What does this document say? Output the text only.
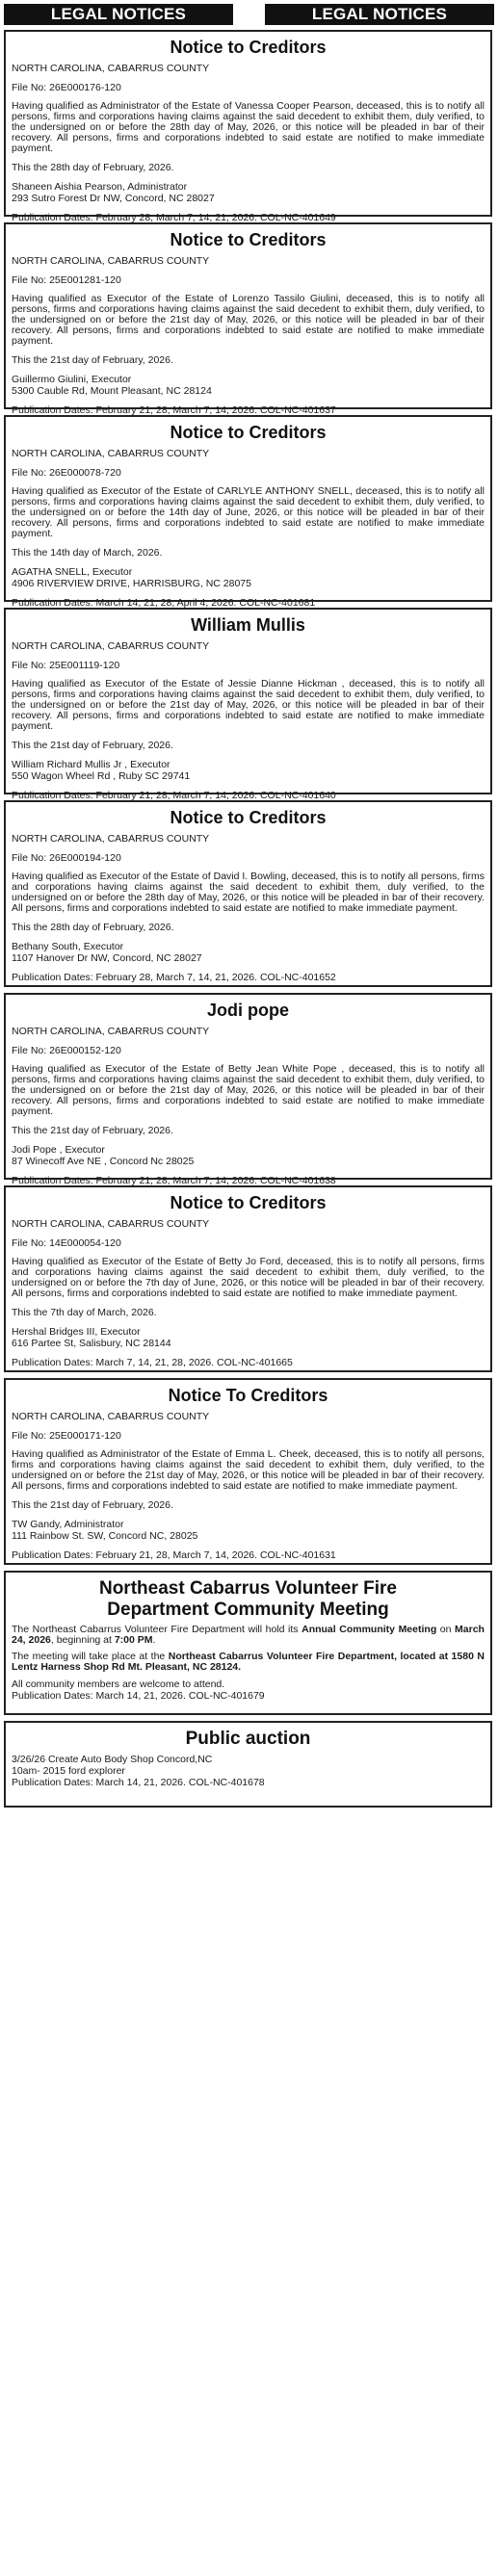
LEGAL NOTICES	LEGAL NOTICES
Notice to Creditors
NORTH CAROLINA, CABARRUS COUNTY
File No: 26E000176-120
Having qualified as Administrator of the Estate of Vanessa Cooper Pearson, deceased, this is to notify all persons, firms and corporations having claims against the said decedent to exhibit them, duly verified, to the undersigned on or before the 28th day of May, 2026, or this notice will be pleaded in bar of their recovery. All persons, firms and corporations indebted to said estate are notified to make immediate payment.
This the 28th day of February, 2026.
Shaneen Aishia Pearson, Administrator
293 Sutro Forest Dr NW, Concord, NC 28027
Publication Dates: February 28, March 7, 14, 21, 2026. COL-NC-401649
Notice to Creditors
NORTH CAROLINA, CABARRUS COUNTY
File No: 25E001281-120
Having qualified as Executor of the Estate of Lorenzo Tassilo Giulini, deceased, this is to notify all persons, firms and corporations having claims against the said decedent to exhibit them, duly verified, to the undersigned on or before the 21st day of May, 2026, or this notice will be pleaded in bar of their recovery. All persons, firms and corporations indebted to said estate are notified to make immediate payment.
This the 21st day of February, 2026.
Guillermo Giulini, Executor
5300 Cauble Rd, Mount Pleasant, NC 28124
Publication Dates: February 21, 28, March 7, 14, 2026. COL-NC-401637
Notice to Creditors
NORTH CAROLINA, CABARRUS COUNTY
File No: 26E000078-720
Having qualified as Executor of the Estate of CARLYLE ANTHONY SNELL, deceased, this is to notify all persons, firms and corporations having claims against the said decedent to exhibit them, duly verified, to the undersigned on or before the 14th day of June, 2026, or this notice will be pleaded in bar of their recovery. All persons, firms and corporations indebted to said estate are notified to make immediate payment.
This the 14th day of March, 2026.
AGATHA SNELL, Executor
4906 RIVERVIEW DRIVE, HARRISBURG, NC 28075
Publication Dates: March 14, 21, 28, April 4, 2026. COL-NC-401681
William Mullis
NORTH CAROLINA, CABARRUS COUNTY
File No: 25E001119-120
Having qualified as Executor of the Estate of Jessie Dianne Hickman , deceased, this is to notify all persons, firms and corporations having claims against the said decedent to exhibit them, duly verified, to the undersigned on or before the 21st day of May, 2026, or this notice will be pleaded in bar of their recovery. All persons, firms and corporations indebted to said estate are notified to make immediate payment.
This the 21st day of February, 2026.
William Richard Mullis Jr , Executor
550 Wagon Wheel Rd , Ruby SC 29741
Publication Dates: February 21, 28, March 7, 14, 2026. COL-NC-401640
Notice to Creditors
NORTH CAROLINA, CABARRUS COUNTY
File No: 26E000194-120
Having qualified as Executor of the Estate of David I. Bowling, deceased, this is to notify all persons, firms and corporations having claims against the said decedent to exhibit them, duly verified, to the undersigned on or before the 28th day of May, 2026, or this notice will be pleaded in bar of their recovery. All persons, firms and corporations indebted to said estate are notified to make immediate payment.
This the 28th day of February, 2026.
Bethany South, Executor
1107 Hanover Dr NW, Concord, NC 28027
Publication Dates: February 28, March 7, 14, 21, 2026. COL-NC-401652
Jodi pope
NORTH CAROLINA, CABARRUS COUNTY
File No: 26E000152-120
Having qualified as Executor of the Estate of Betty Jean White Pope , deceased, this is to notify all persons, firms and corporations having claims against the said decedent to exhibit them, duly verified, to the undersigned on or before the 21st day of May, 2026, or this notice will be pleaded in bar of their recovery. All persons, firms and corporations indebted to said estate are notified to make immediate payment.
This the 21st day of February, 2026.
Jodi Pope , Executor
87 Winecoff Ave NE , Concord Nc 28025
Publication Dates: February 21, 28, March 7, 14, 2026. COL-NC-401638
Notice to Creditors
NORTH CAROLINA, CABARRUS COUNTY
File No: 14E000054-120
Having qualified as Executor of the Estate of Betty Jo Ford, deceased, this is to notify all persons, firms and corporations having claims against the said decedent to exhibit them, duly verified, to the undersigned on or before the 7th day of June, 2026, or this notice will be pleaded in bar of their recovery. All persons, firms and corporations indebted to said estate are notified to make immediate payment.
This the 7th day of March, 2026.
Hershal Bridges III, Executor
616 Partee St, Salisbury, NC 28144
Publication Dates: March 7, 14, 21, 28, 2026. COL-NC-401665
Notice To Creditors
NORTH CAROLINA, CABARRUS COUNTY
File No: 25E000171-120
Having qualified as Administrator of the Estate of Emma L. Cheek, deceased, this is to notify all persons, firms and corporations having claims against the said decedent to exhibit them, duly verified, to the undersigned on or before the 21st day of May, 2026, or this notice will be pleaded in bar of their recovery. All persons, firms and corporations indebted to said estate are notified to make immediate payment.
This the 21st day of February, 2026.
TW Gandy, Administrator
111 Rainbow St. SW, Concord NC, 28025
Publication Dates: February 21, 28, March 7, 14, 2026. COL-NC-401631
Northeast Cabarrus Volunteer Fire
Department Community Meeting
The Northeast Cabarrus Volunteer Fire Department will hold its Annual Community Meeting on March 24, 2026, beginning at 7:00 PM.
The meeting will take place at the Northeast Cabarrus Volunteer Fire Department, located at 1580 N Lentz Harness Shop Rd Mt. Pleasant, NC 28124.
All community members are welcome to attend.
Publication Dates: March 14, 21, 2026. COL-NC-401679
Public auction
3/26/26 Create Auto Body Shop Concord,NC
10am- 2015 ford explorer
Publication Dates: March 14, 21, 2026. COL-NC-401678
